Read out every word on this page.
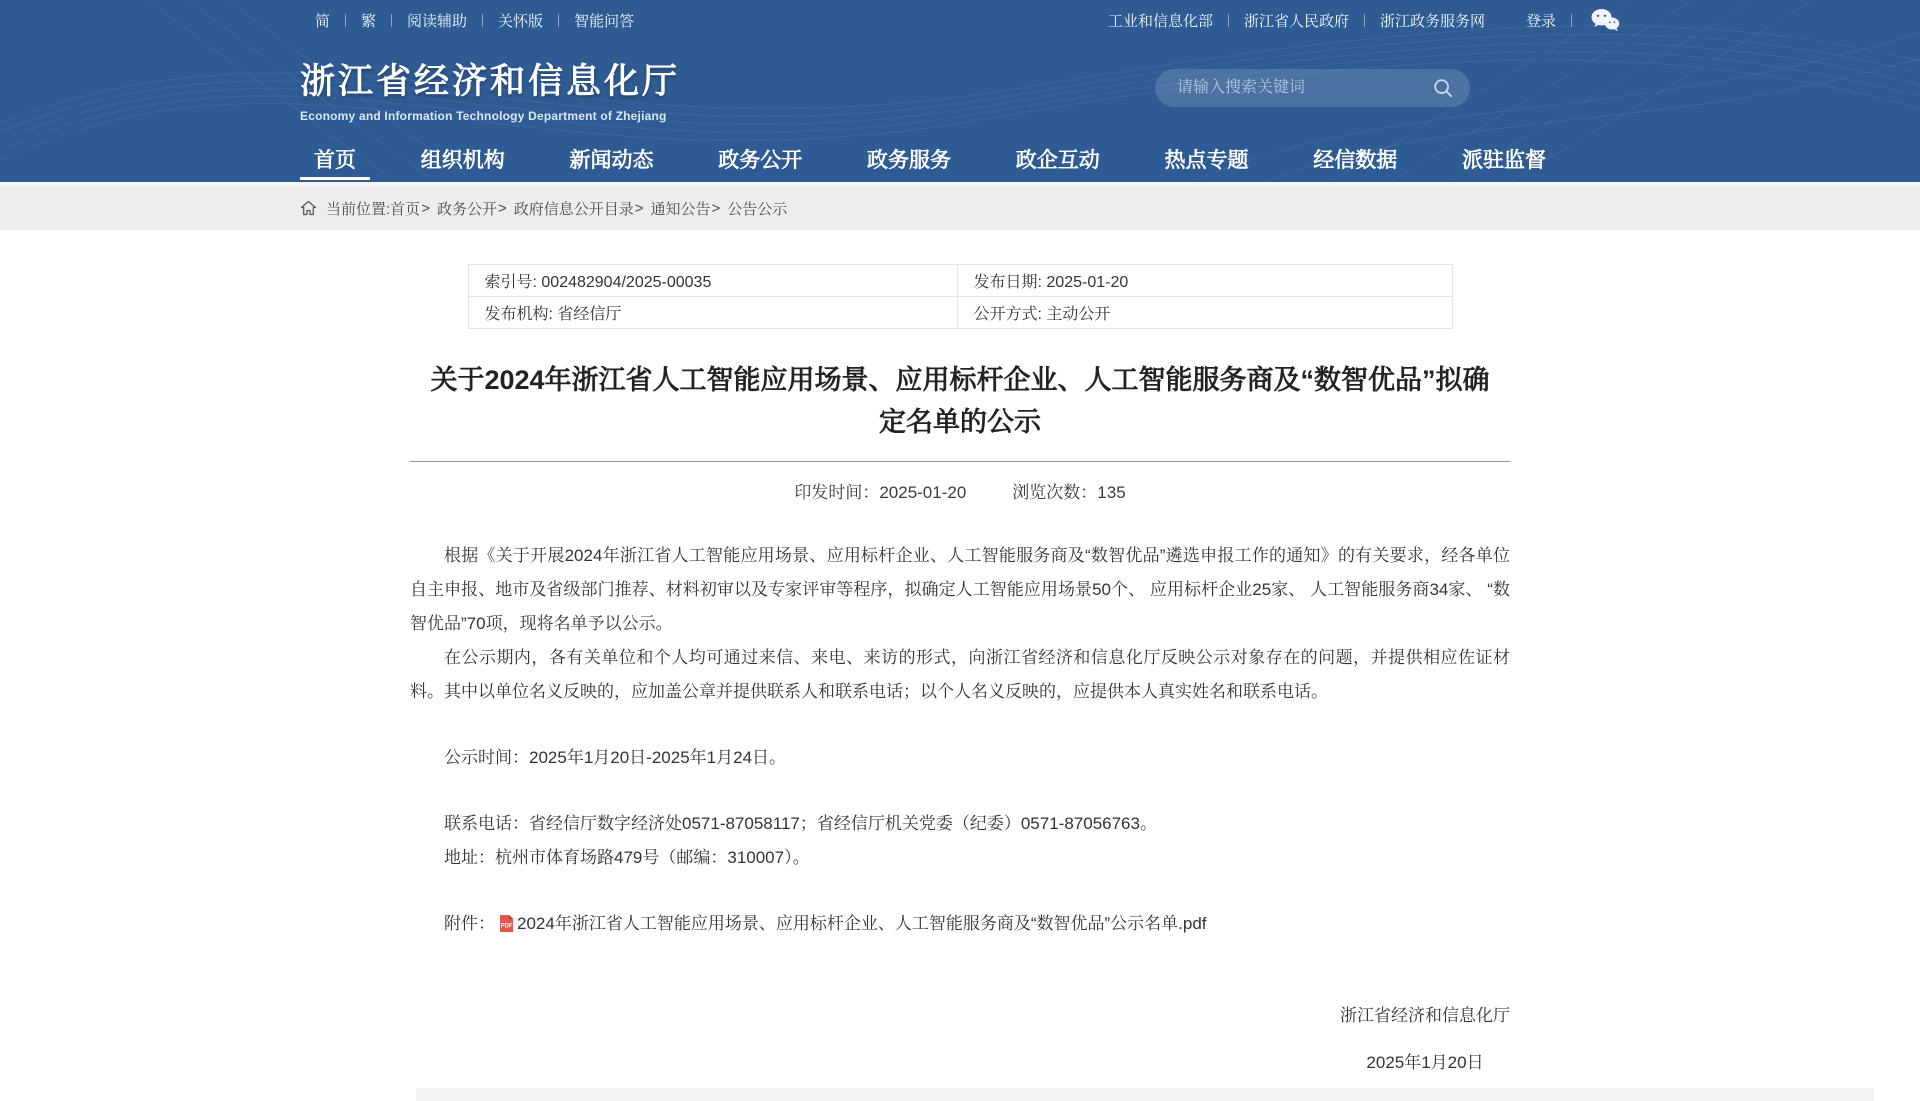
简 繁 阅读辅助 关怀版 智能问答	工业和信息化部 浙江省人民政府 浙江政务服务网	登录
浙江省经济和信息化厅
Economy and Information Technology Department of Zhejiang
请输入搜索关键词
首页	组织机构	新闻动态	政务公开	政务服务	政企互动	热点专题	经信数据	派驻监督
当前位置: 首页 > 政务公开 > 政府信息公开目录 > 通知公告 > 公告公示
索引号: 002482904/2025-00035	发布日期: 2025-01-20
发布机构: 省经信厅	公开方式: 主动公开
关于2024年浙江省人工智能应用场景、应用标杆企业、人工智能服务商及“数智优品”拟确定名单的公示
印发时间：2025-01-20	浏览次数：135

根据《关于开展2024年浙江省人工智能应用场景、应用标杆企业、人工智能服务商及“数智优品”遴选申报工作的通知》的有关要求，经各单位自主申报、地市及省级部门推荐、材料初审以及专家评审等程序，拟确定人工智能应用场景50个、 应用标杆企业25家、 人工智能服务商34家、 “数智优品”70项，现将名单予以公示。

在公示期内，各有关单位和个人均可通过来信、来电、来访的形式，向浙江省经济和信息化厅反映公示对象存在的问题，并提供相应佐证材料。其中以单位名义反映的，应加盖公章并提供联系人和联系电话；以个人名义反映的，应提供本人真实姓名和联系电话。

公示时间：2025年1月20日-2025年1月24日。

联系电话：省经信厅数字经济处0571-87058117；省经信厅机关党委（纪委）0571-87056763。

地址：杭州市体育场路479号（邮编：310007）。

附件： PDF 2024年浙江省人工智能应用场景、应用标杆企业、人工智能服务商及“数智优品”公示名单.pdf
浙江省经济和信息化厅
2025年1月20日
